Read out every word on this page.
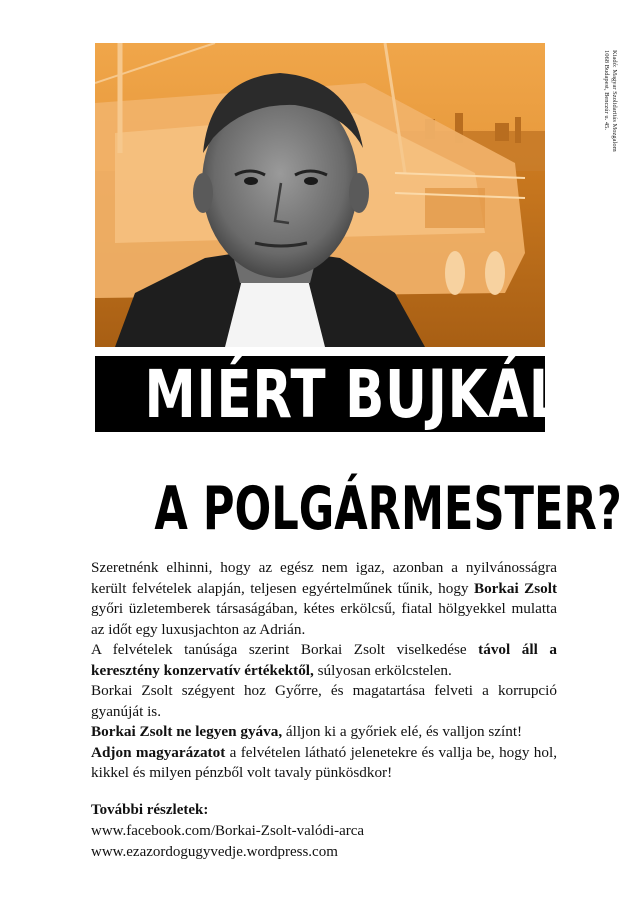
Kiadó: Magyar Szolidaritás Mozgalom
1068 Budapest, Benczúr u. 45.
MIÉRT BUJKÁL
A POLGÁRMESTER?

Szeretnénk elhinni, hogy az egész nem igaz, azonban a nyilvánosságra került felvételek alapján, teljesen egyértelműnek tűnik, hogy Borkai Zsolt győri üzletemberek társaságában, kétes erkölcsű, fiatal hölgyekkel mulatta az időt egy luxusjachton az Adrián.

A felvételek tanúsága szerint Borkai Zsolt viselkedése távol áll a keresztény konzervatív értékektől, súlyosan erkölcstelen.

Borkai Zsolt szégyent hoz Győrre, és magatartása felveti a korrupció gyanúját is.

Borkai Zsolt ne legyen gyáva, álljon ki a győriek elé, és valljon színt!

Adjon magyarázatot a felvételen látható jelenetekre és vallja be, hogy hol, kikkel és milyen pénzből volt tavaly pünkösdkor!

További részletek:
www.facebook.com/Borkai-Zsolt-valódi-arca
www.ezazordogugyvedje.wordpress.com
